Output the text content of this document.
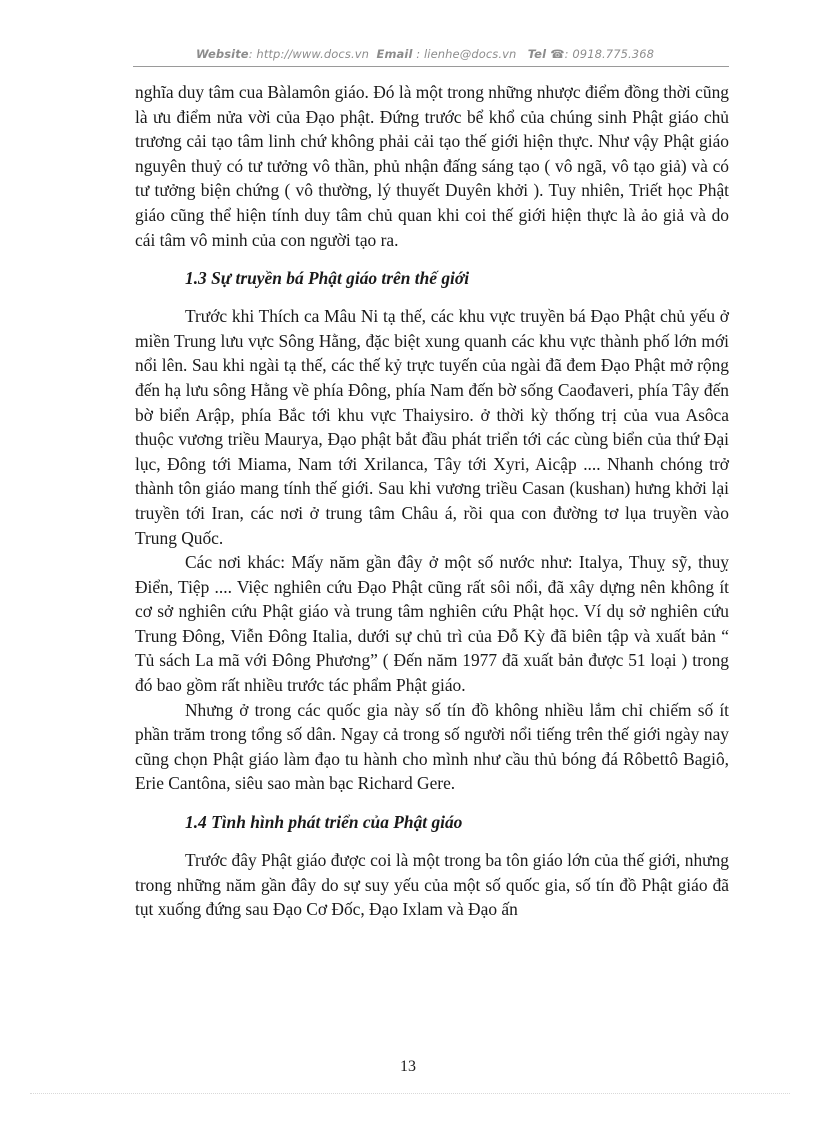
Website: http://www.docs.vn Email : lienhe@docs.vn Tel ☎: 0918.775.368

nghĩa duy tâm cua Bàlamôn giáo. Đó là một trong những nhược điểm đồng thời cũng là ưu điểm nửa vời của Đạo phật. Đứng trước bể khổ của chúng sinh Phật giáo chủ trương cải tạo tâm linh chứ không phải cải tạo thế giới hiện thực. Như vậy Phật giáo nguyên thuỷ có tư tưởng vô thần, phủ nhận đấng sáng tạo ( vô ngã, vô tạo giả) và có tư tưởng biện chứng ( vô thường, lý thuyết Duyên khởi ). Tuy nhiên, Triết học Phật giáo cũng thể hiện tính duy tâm chủ quan khi coi thế giới hiện thực là ảo giả và do cái tâm vô minh của con người tạo ra.

1.3 Sự truyền bá Phật giáo trên thế giới

Trước khi Thích ca Mâu Ni tạ thế, các khu vực truyền bá Đạo Phật chủ yếu ở miền Trung lưu vực Sông Hằng, đặc biệt xung quanh các khu vực thành phố lớn mới nổi lên. Sau khi ngài tạ thế, các thế kỷ trực tuyến của ngài đã đem Đạo Phật mở rộng đến hạ lưu sông Hằng về phía Đông, phía Nam đến bờ sống Caođaveri, phía Tây đến bờ biển Arập, phía Bắc tới khu vực Thaiysiro. ở thời kỳ thống trị của vua Asôca thuộc vương triều Maurya, Đạo phật bắt đầu phát triển tới các cùng biển của thứ Đại lục, Đông tới Miama, Nam tới Xrilanca, Tây tới Xyri, Aicập .... Nhanh chóng trở thành tôn giáo mang tính thế giới. Sau khi vương triều Casan (kushan) hưng khởi lại truyền tới Iran, các nơi ở trung tâm Châu á, rồi qua con đường tơ lụa truyền vào Trung Quốc.

Các nơi khác: Mấy năm gần đây ở một số nước như: Italya, Thuỵ sỹ, thuỵ Điển, Tiệp .... Việc nghiên cứu Đạo Phật cũng rất sôi nổi, đã xây dựng nên không ít cơ sở nghiên cứu Phật giáo và trung tâm nghiên cứu Phật học. Ví dụ sở nghiên cứu Trung Đông, Viễn Đông Italia, dưới sự chủ trì của Đỗ Kỳ đã biên tập và xuất bản “ Tủ sách La mã với Đông Phương” ( Đến năm 1977 đã xuất bản được 51 loại ) trong đó bao gồm rất nhiều trước tác phẩm Phật giáo.

Nhưng ở trong các quốc gia này số tín đồ không nhiều lắm chỉ chiếm số ít phần trăm trong tổng số dân. Ngay cả trong số người nổi tiếng trên thế giới ngày nay cũng chọn Phật giáo làm đạo tu hành cho mình như cầu thủ bóng đá Rôbettô Bagiô, Erie Cantôna, siêu sao màn bạc Richard Gere.

1.4 Tình hình phát triển của Phật giáo

Trước đây Phật giáo được coi là một trong ba tôn giáo lớn của thế giới, nhưng trong những năm gần đây do sự suy yếu của một số quốc gia, số tín đồ Phật giáo đã tụt xuống đứng sau Đạo Cơ Đốc, Đạo Ixlam và Đạo ấn

13
